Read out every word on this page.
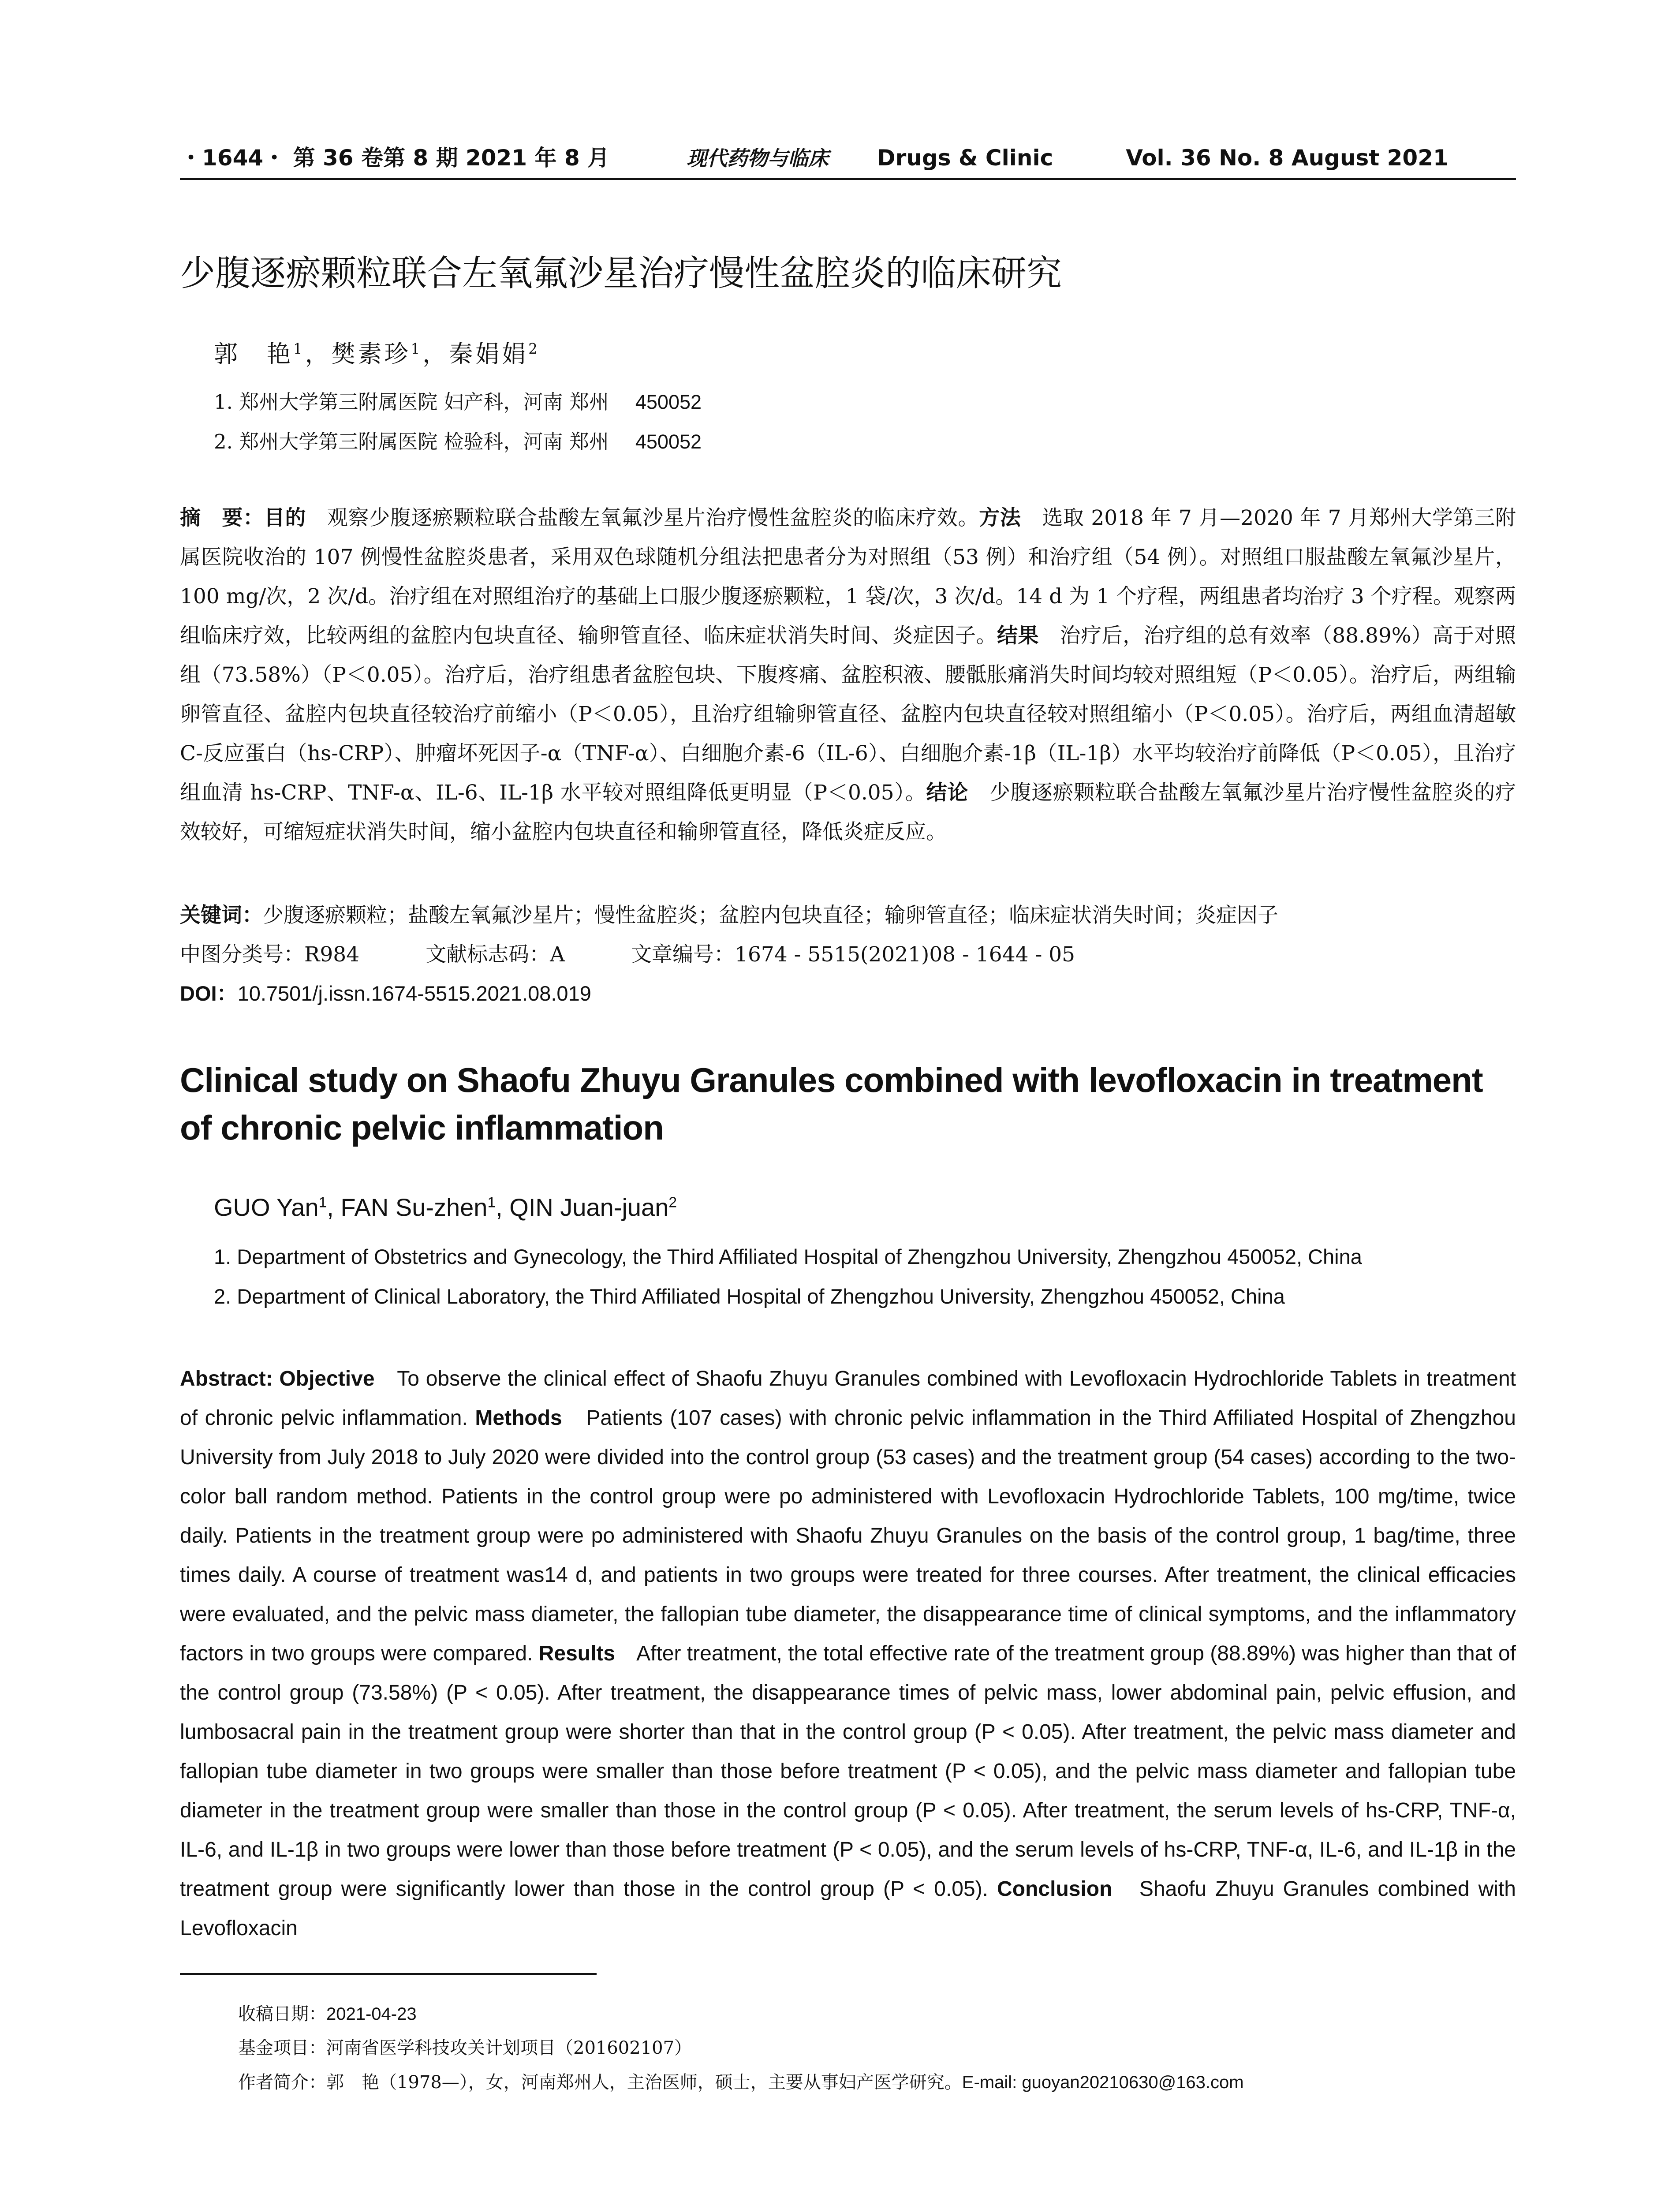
・1644・ 第 36 卷第 8 期 2021 年 8 月	现代药物与临床 Drugs & Clinic	Vol. 36 No. 8 August 2021
少腹逐瘀颗粒联合左氧氟沙星治疗慢性盆腔炎的临床研究
郭　艳$^1$，樊素珍$^1$，秦娟娟$^2$
1. 郑州大学第三附属医院 妇产科，河南 郑州 450052
2. 郑州大学第三附属医院 检验科，河南 郑州 450052
摘　要：目的　观察少腹逐瘀颗粒联合盐酸左氧氟沙星片治疗慢性盆腔炎的临床疗效。方法　选取 2018 年 7 月—2020 年 7 月郑州大学第三附属医院收治的 107 例慢性盆腔炎患者，采用双色球随机分组法把患者分为对照组（53 例）和治疗组（54 例）。对照组口服盐酸左氧氟沙星片，100 mg/次，2 次/d。治疗组在对照组治疗的基础上口服少腹逐瘀颗粒，1 袋/次，3 次/d。14 d 为 1 个疗程，两组患者均治疗 3 个疗程。观察两组临床疗效，比较两组的盆腔内包块直径、输卵管直径、临床症状消失时间、炎症因子。结果　治疗后，治疗组的总有效率（88.89%）高于对照组（73.58%）（P＜0.05）。治疗后，治疗组患者盆腔包块、下腹疼痛、盆腔积液、腰骶胀痛消失时间均较对照组短（P＜0.05）。治疗后，两组输卵管直径、盆腔内包块直径较治疗前缩小（P＜0.05），且治疗组输卵管直径、盆腔内包块直径较对照组缩小（P＜0.05）。治疗后，两组血清超敏 C-反应蛋白（hs-CRP）、肿瘤坏死因子-α（TNF-α）、白细胞介素-6（IL-6）、白细胞介素-1β（IL-1β）水平均较治疗前降低（P＜0.05），且治疗组血清 hs-CRP、TNF-α、IL-6、IL-1β 水平较对照组降低更明显（P＜0.05）。结论　少腹逐瘀颗粒联合盐酸左氧氟沙星片治疗慢性盆腔炎的疗效较好，可缩短症状消失时间，缩小盆腔内包块直径和输卵管直径，降低炎症反应。
关键词：少腹逐瘀颗粒；盐酸左氧氟沙星片；慢性盆腔炎；盆腔内包块直径；输卵管直径；临床症状消失时间；炎症因子
中图分类号：R984	文献标志码：A	文章编号：1674 - 5515(2021)08 - 1644 - 05
DOI：10.7501/j.issn.1674-5515.2021.08.019
Clinical study on Shaofu Zhuyu Granules combined with levofloxacin in treatment of chronic pelvic inflammation
GUO Yan$^1$, FAN Su-zhen$^1$, QIN Juan-juan$^2$
1. Department of Obstetrics and Gynecology, the Third Affiliated Hospital of Zhengzhou University, Zhengzhou 450052, China
2. Department of Clinical Laboratory, the Third Affiliated Hospital of Zhengzhou University, Zhengzhou 450052, China
Abstract: Objective　To observe the clinical effect of Shaofu Zhuyu Granules combined with Levofloxacin Hydrochloride Tablets in treatment of chronic pelvic inflammation. Methods　Patients (107 cases) with chronic pelvic inflammation in the Third Affiliated Hospital of Zhengzhou University from July 2018 to July 2020 were divided into the control group (53 cases) and the treatment group (54 cases) according to the two-color ball random method. Patients in the control group were po administered with Levofloxacin Hydrochloride Tablets, 100 mg/time, twice daily. Patients in the treatment group were po administered with Shaofu Zhuyu Granules on the basis of the control group, 1 bag/time, three times daily. A course of treatment was14 d, and patients in two groups were treated for three courses. After treatment, the clinical efficacies were evaluated, and the pelvic mass diameter, the fallopian tube diameter, the disappearance time of clinical symptoms, and the inflammatory factors in two groups were compared. Results　After treatment, the total effective rate of the treatment group (88.89%) was higher than that of the control group (73.58%) (P < 0.05). After treatment, the disappearance times of pelvic mass, lower abdominal pain, pelvic effusion, and lumbosacral pain in the treatment group were shorter than that in the control group (P < 0.05). After treatment, the pelvic mass diameter and fallopian tube diameter in two groups were smaller than those before treatment (P < 0.05), and the pelvic mass diameter and fallopian tube diameter in the treatment group were smaller than those in the control group (P < 0.05). After treatment, the serum levels of hs-CRP, TNF-α, IL-6, and IL-1β in two groups were lower than those before treatment (P < 0.05), and the serum levels of hs-CRP, TNF-α, IL-6, and IL-1β in the treatment group were significantly lower than those in the control group (P < 0.05). Conclusion　Shaofu Zhuyu Granules combined with Levofloxacin
收稿日期：2021-04-23
基金项目：河南省医学科技攻关计划项目（201602107）
作者简介：郭　艳（1978—），女，河南郑州人，主治医师，硕士，主要从事妇产医学研究。E-mail: guoyan20210630@163.com
